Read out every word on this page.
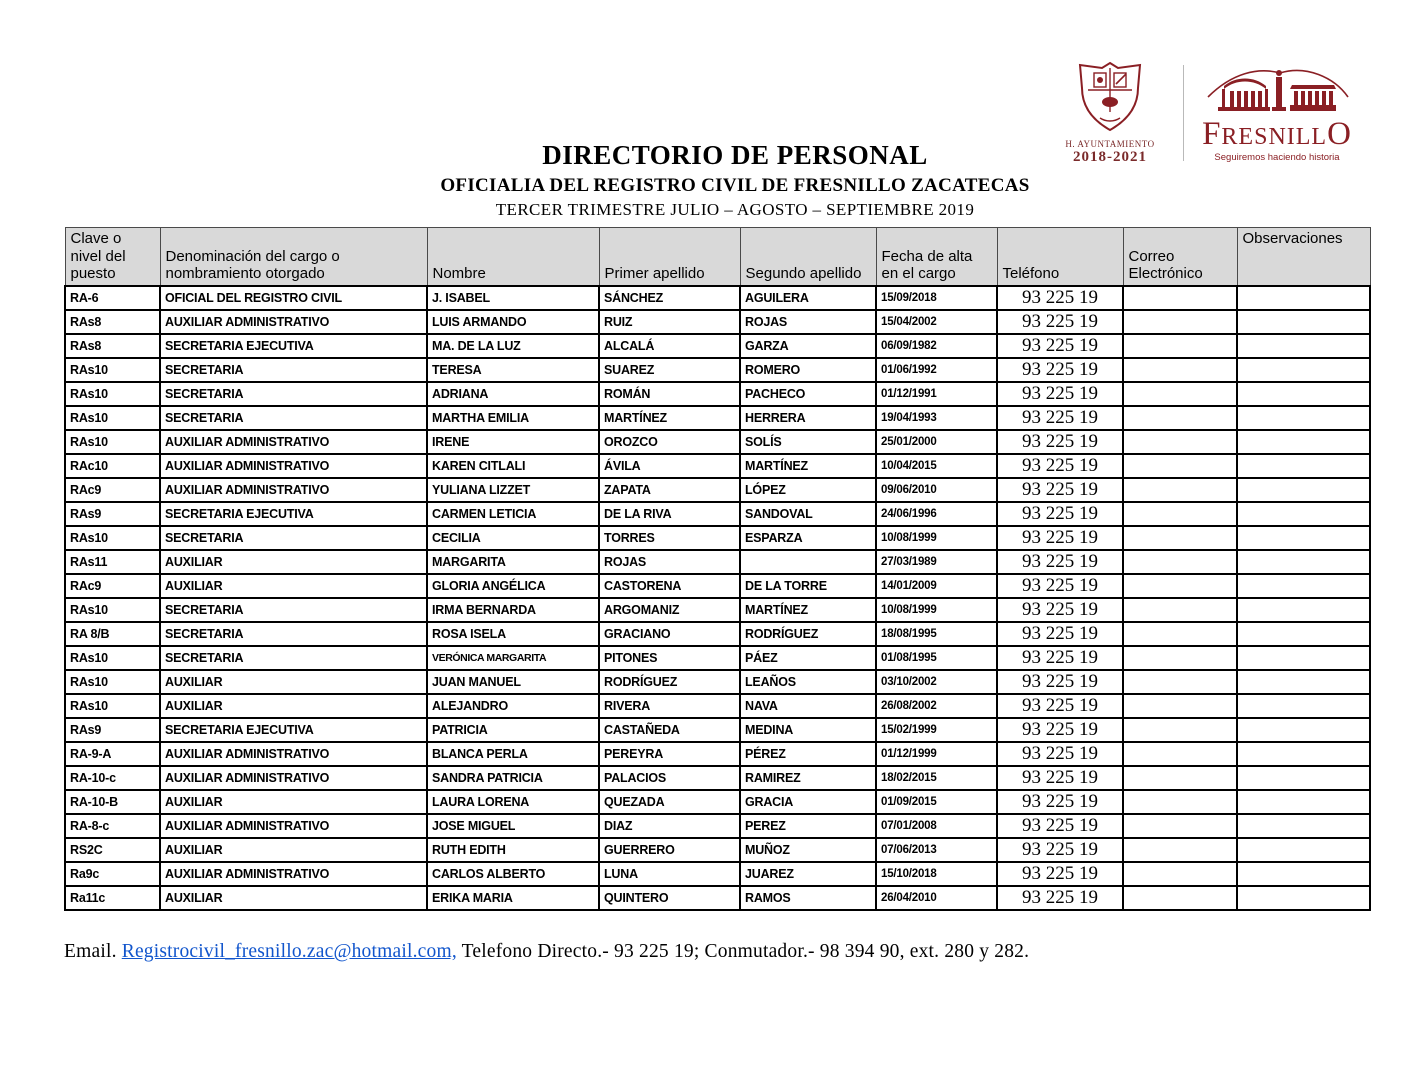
H. AYUNTAMIENTO
2018-2021
FRESNILLO
Seguiremos haciendo historia
DIRECTORIO DE PERSONAL
OFICIALIA DEL REGISTRO CIVIL DE FRESNILLO ZACATECAS
TERCER TRIMESTRE JULIO – AGOSTO – SEPTIEMBRE 2019
Clave o nivel del puesto	Denominación del cargo o nombramiento otorgado	Nombre	Primer apellido	Segundo apellido	Fecha de alta en el cargo	Teléfono	Correo Electrónico	Observaciones
RA-6	OFICIAL DEL REGISTRO CIVIL	J. ISABEL	SÁNCHEZ	AGUILERA	15/09/2018	93 225 19		
RAs8	AUXILIAR ADMINISTRATIVO	LUIS ARMANDO	RUIZ	ROJAS	15/04/2002	93 225 19		
RAs8	SECRETARIA EJECUTIVA	MA. DE LA LUZ	ALCALÁ	GARZA	06/09/1982	93 225 19		
RAs10	SECRETARIA	TERESA	SUAREZ	ROMERO	01/06/1992	93 225 19		
RAs10	SECRETARIA	ADRIANA	ROMÁN	PACHECO	01/12/1991	93 225 19		
RAs10	SECRETARIA	MARTHA EMILIA	MARTÍNEZ	HERRERA	19/04/1993	93 225 19		
RAs10	AUXILIAR ADMINISTRATIVO	IRENE	OROZCO	SOLÍS	25/01/2000	93 225 19		
RAc10	AUXILIAR ADMINISTRATIVO	KAREN CITLALI	ÁVILA	MARTÍNEZ	10/04/2015	93 225 19		
RAc9	AUXILIAR ADMINISTRATIVO	YULIANA LIZZET	ZAPATA	LÓPEZ	09/06/2010	93 225 19		
RAs9	SECRETARIA EJECUTIVA	CARMEN LETICIA	DE LA RIVA	SANDOVAL	24/06/1996	93 225 19		
RAs10	SECRETARIA	CECILIA	TORRES	ESPARZA	10/08/1999	93 225 19		
RAs11	AUXILIAR	MARGARITA	ROJAS		27/03/1989	93 225 19		
RAc9	AUXILIAR	GLORIA ANGÉLICA	CASTORENA	DE LA TORRE	14/01/2009	93 225 19		
RAs10	SECRETARIA	IRMA BERNARDA	ARGOMANIZ	MARTÍNEZ	10/08/1999	93 225 19		
RA 8/B	SECRETARIA	ROSA ISELA	GRACIANO	RODRÍGUEZ	18/08/1995	93 225 19		
RAs10	SECRETARIA	VERÓNICA MARGARITA	PITONES	PÁEZ	01/08/1995	93 225 19		
RAs10	AUXILIAR	JUAN MANUEL	RODRÍGUEZ	LEAÑOS	03/10/2002	93 225 19		
RAs10	AUXILIAR	ALEJANDRO	RIVERA	NAVA	26/08/2002	93 225 19		
RAs9	SECRETARIA EJECUTIVA	PATRICIA	CASTAÑEDA	MEDINA	15/02/1999	93 225 19		
RA-9-A	AUXILIAR ADMINISTRATIVO	BLANCA PERLA	PEREYRA	PÉREZ	01/12/1999	93 225 19		
RA-10-c	AUXILIAR ADMINISTRATIVO	SANDRA PATRICIA	PALACIOS	RAMIREZ	18/02/2015	93 225 19		
RA-10-B	AUXILIAR	LAURA LORENA	QUEZADA	GRACIA	01/09/2015	93 225 19		
RA-8-c	AUXILIAR ADMINISTRATIVO	JOSE MIGUEL	DIAZ	PEREZ	07/01/2008	93 225 19		
RS2C	AUXILIAR	RUTH EDITH	GUERRERO	MUÑOZ	07/06/2013	93 225 19		
Ra9c	AUXILIAR ADMINISTRATIVO	CARLOS ALBERTO	LUNA	JUAREZ	15/10/2018	93 225 19		
Ra11c	AUXILIAR	ERIKA MARIA	QUINTERO	RAMOS	26/04/2010	93 225 19		
Email. Registrocivil_fresnillo.zac@hotmail.com, Telefono Directo.- 93 225 19; Conmutador.- 98 394 90, ext. 280 y 282.
